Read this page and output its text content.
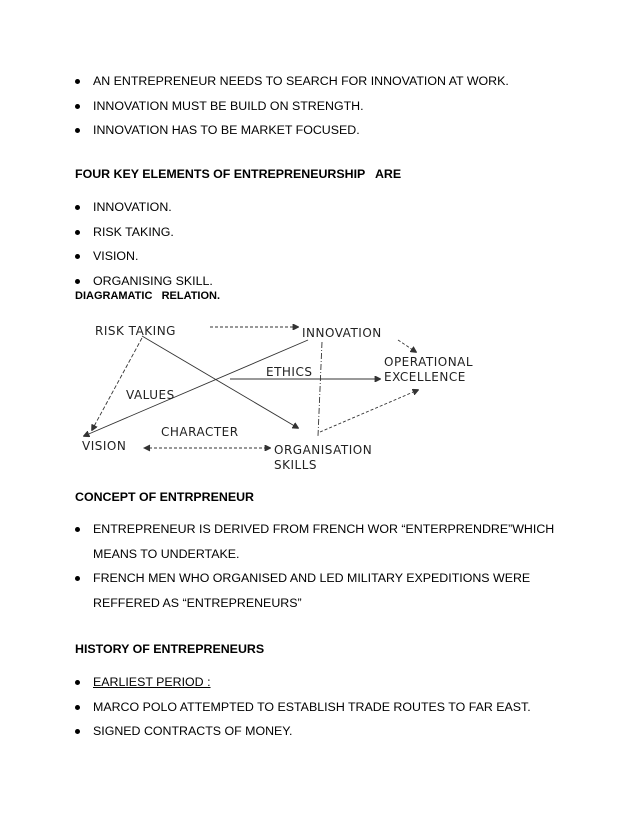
AN ENTREPRENEUR NEEDS TO SEARCH FOR INNOVATION AT WORK.
INNOVATION MUST BE BUILD ON STRENGTH.
INNOVATION HAS TO BE MARKET FOCUSED.
FOUR KEY ELEMENTS OF ENTREPRENEURSHIP   ARE
INNOVATION.
RISK TAKING.
VISION.
ORGANISING SKILL.
DIAGRAMATIC   RELATION.
RISK TAKING	INNOVATION
OPERATIONAL
EXCELLENCE
ETHICS
VALUES
CHARACTER
VISION	ORGANISATION
SKILLS
CONCEPT OF ENTRPRENEUR
ENTREPRENEUR IS DERIVED FROM FRENCH WOR “ENTERPRENDRE”WHICH
MEANS TO UNDERTAKE.
FRENCH MEN WHO ORGANISED AND LED MILITARY EXPEDITIONS WERE
REFFERED AS “ENTREPRENEURS”
HISTORY OF ENTREPRENEURS
EARLIEST PERIOD :
MARCO POLO ATTEMPTED TO ESTABLISH TRADE ROUTES TO FAR EAST.
SIGNED CONTRACTS OF MONEY.
